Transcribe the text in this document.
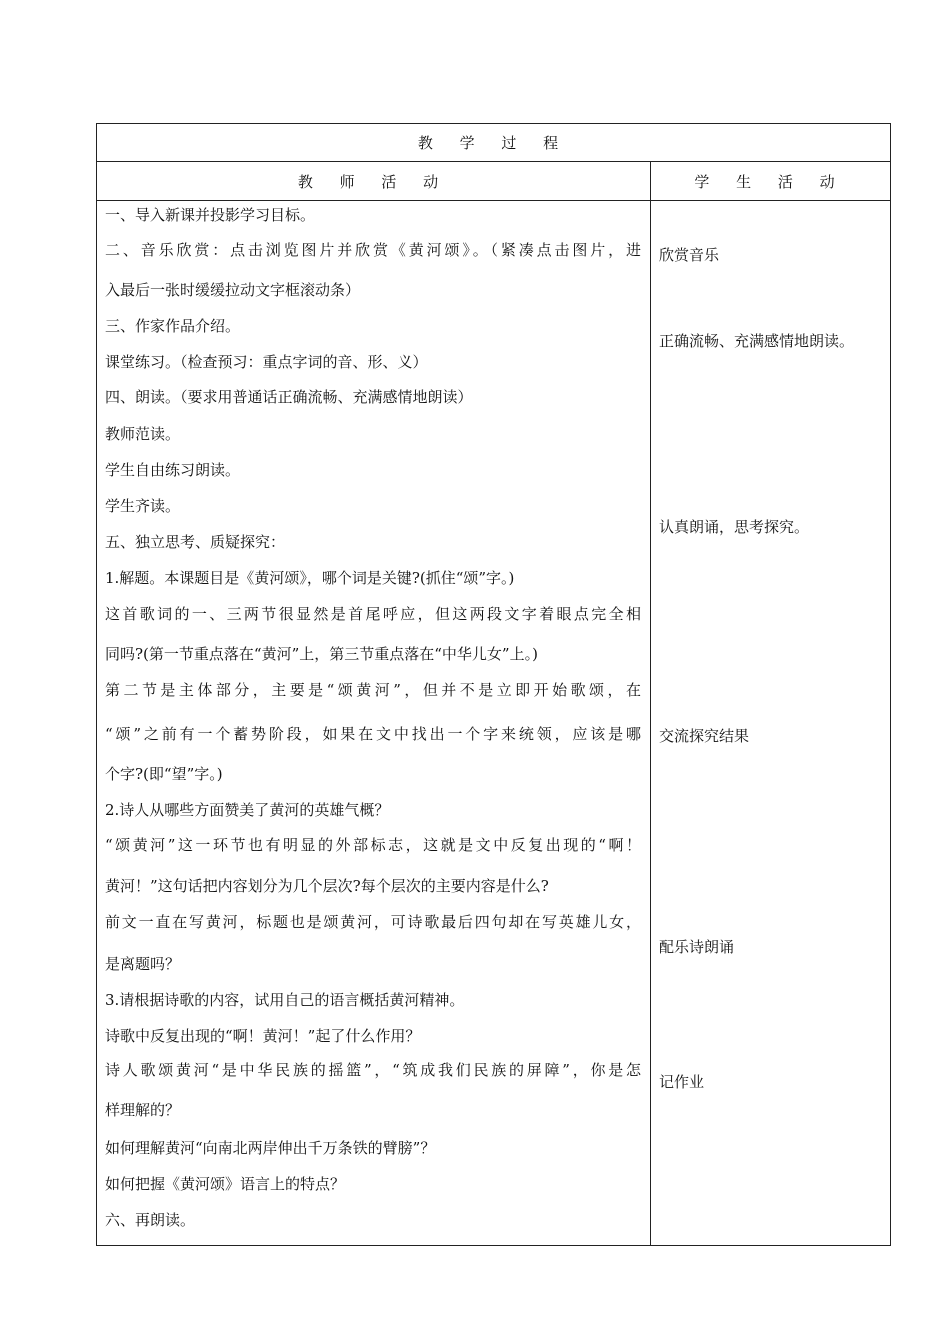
教 学 过 程
教 师 活 动	学 生 活 动
一、导入新课并投影学习目标。
二、音乐欣赏：点击浏览图片并欣赏《黄河颂》。（紧凑点击图片，进
入最后一张时缓缓拉动文字框滚动条）
三、作家作品介绍。
课堂练习。（检查预习：重点字词的音、形、义）
四、朗读。（要求用普通话正确流畅、充满感情地朗读）
教师范读。
学生自由练习朗读。
学生齐读。
五、独立思考、质疑探究：
1.解题。本课题目是《黄河颂》，哪个词是关键?(抓住“颂”字。)
这首歌词的一、三两节很显然是首尾呼应，但这两段文字着眼点完全相
同吗?(第一节重点落在“黄河”上，第三节重点落在“中华儿女”上。)
第二节是主体部分，主要是“颂黄河”，但并不是立即开始歌颂，在
“颂”之前有一个蓄势阶段，如果在文中找出一个字来统领，应该是哪
个字?(即“望”字。)
2.诗人从哪些方面赞美了黄河的英雄气概？
“颂黄河”这一环节也有明显的外部标志，这就是文中反复出现的“啊！
黄河！”这句话把内容划分为几个层次?每个层次的主要内容是什么?
前文一直在写黄河，标题也是颂黄河，可诗歌最后四句却在写英雄儿女，
是离题吗？
3.请根据诗歌的内容，试用自己的语言概括黄河精神。
诗歌中反复出现的“啊！黄河！”起了什么作用？
诗人歌颂黄河“是中华民族的摇篮”，“筑成我们民族的屏障”，你是怎
样理解的？
如何理解黄河“向南北两岸伸出千万条铁的臂膀”？
如何把握《黄河颂》语言上的特点？
六、再朗读。
欣赏音乐
正确流畅、充满感情地朗读。
认真朗诵，思考探究。
交流探究结果
配乐诗朗诵
记作业
